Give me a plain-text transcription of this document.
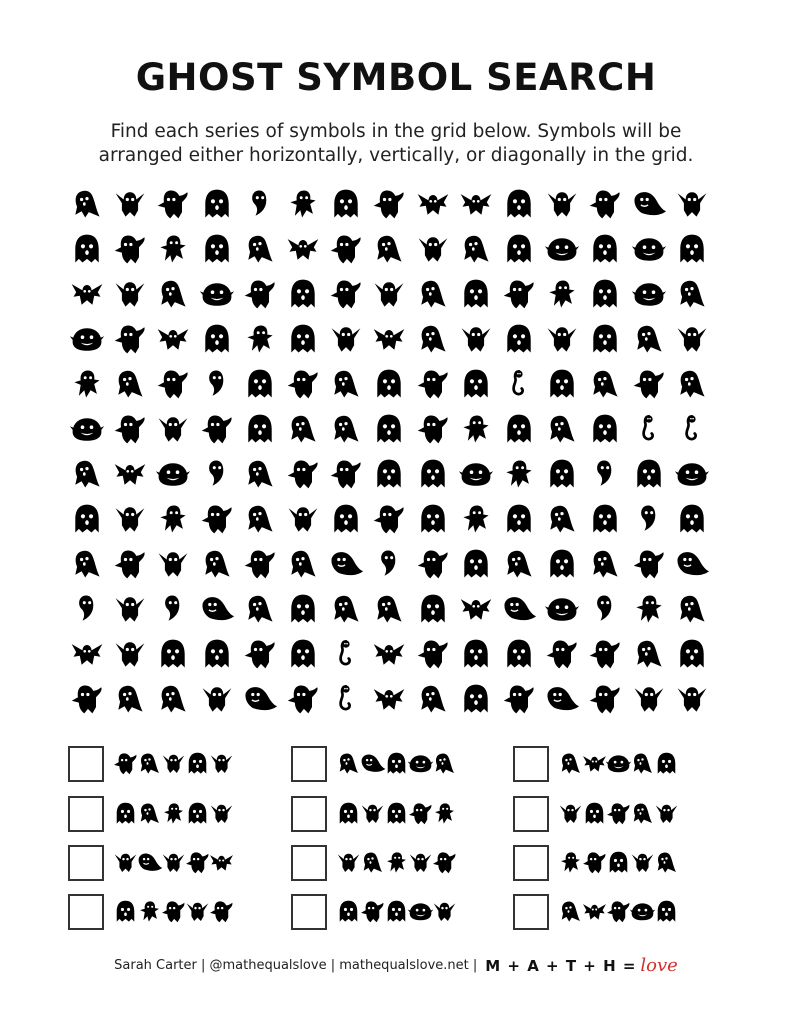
GHOST SYMBOL SEARCH
Find each series of symbols in the grid below. Symbols will be
arranged either horizontally, vertically, or diagonally in the grid.
Sarah Carter | @mathequalslove | mathequalslove.net | M + A + T + H = love
